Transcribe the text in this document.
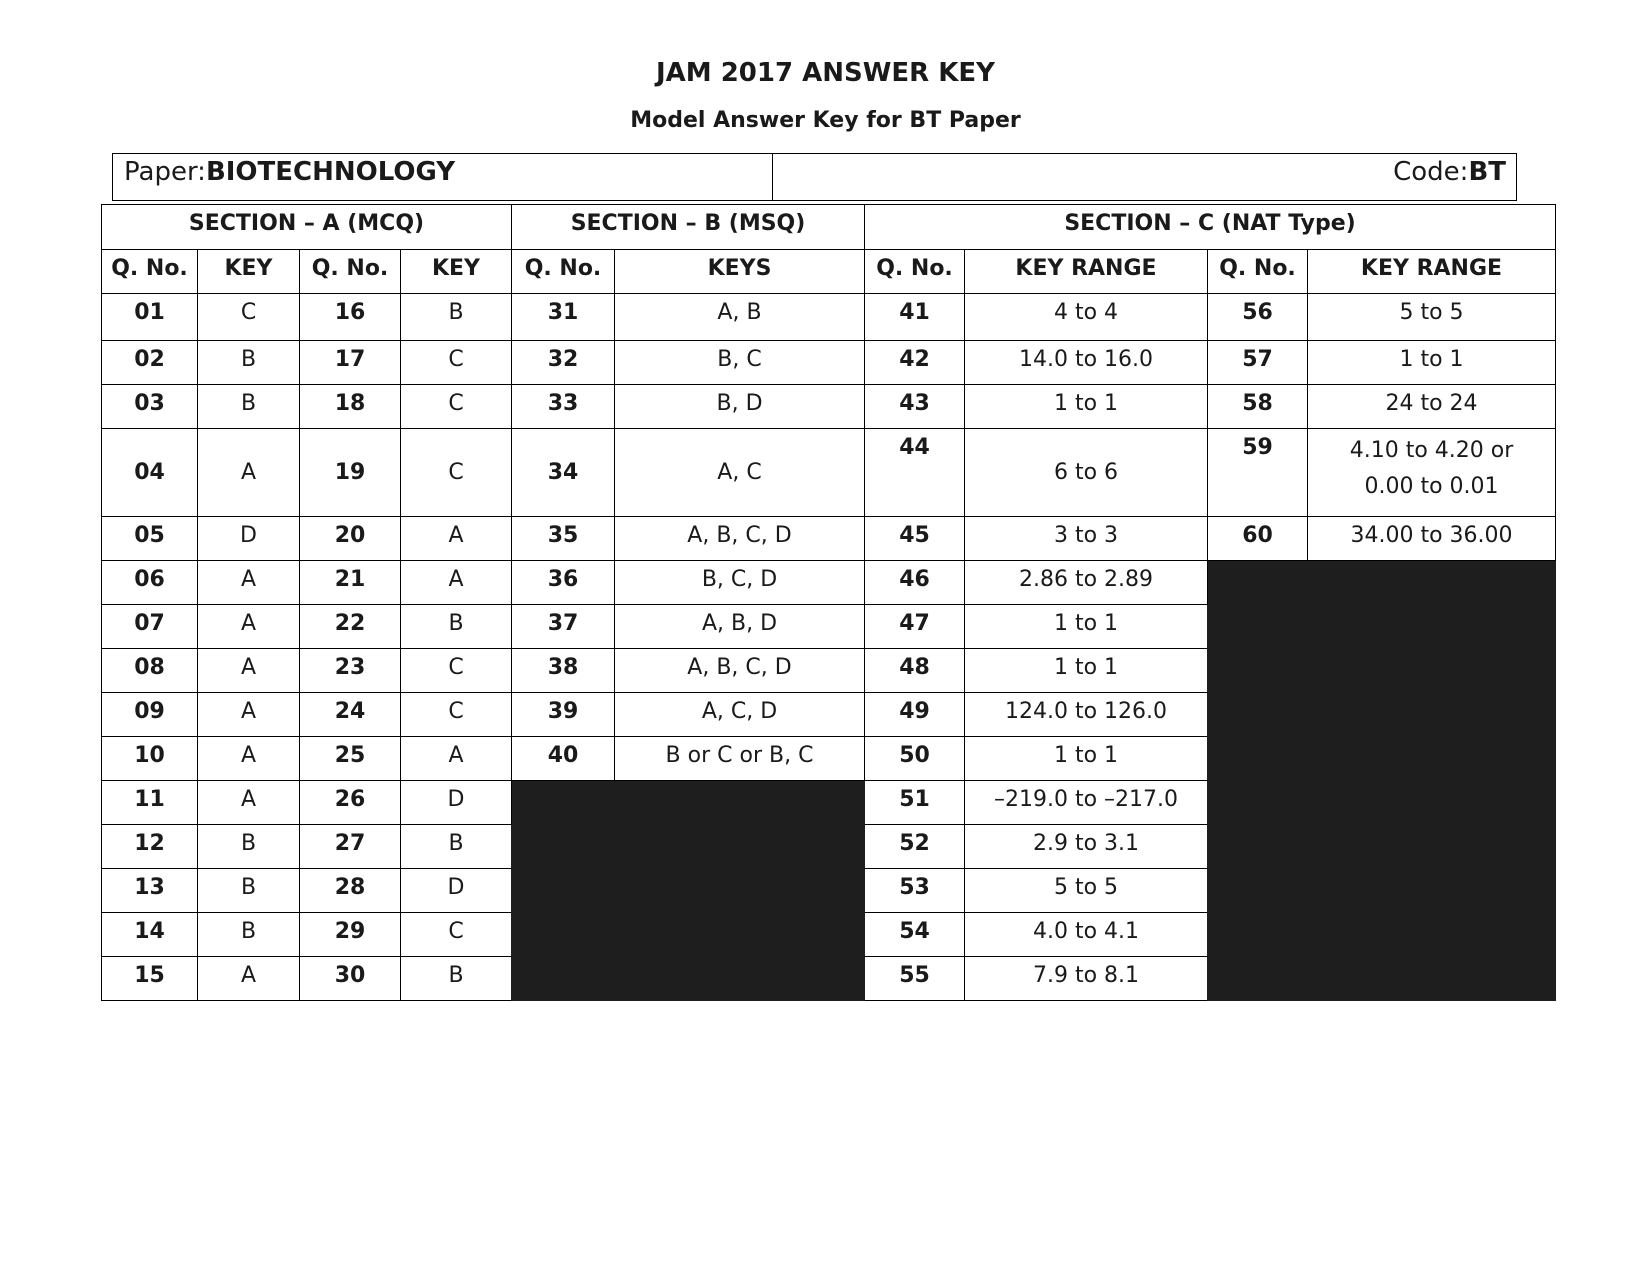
JAM 2017 ANSWER KEY
Model Answer Key for BT Paper
Paper:BIOTECHNOLOGY	Code:BT
SECTION – A (MCQ)				SECTION – B (MSQ)		SECTION – C (NAT Type)			
Q. No.	KEY	Q. No.	KEY	Q. No.	KEYS	Q. No.	KEY RANGE	Q. No.	KEY RANGE
01	C	16	B	31	A, B	41	4 to 4	56	5 to 5
02	B	17	C	32	B, C	42	14.0 to 16.0	57	1 to 1
03	B	18	C	33	B, D	43	1 to 1	58	24 to 24
04	A	19	C	34	A, C	44	6 to 6	59	4.10 to 4.20 or
0.00 to 0.01

05	D	20	A	35	A, B, C, D	45	3 to 3	60	34.00 to 36.00
06	A	21	A	36	B, C, D	46	2.86 to 2.89		
07	A	22	B	37	A, B, D	47	1 to 1		
08	A	23	C	38	A, B, C, D	48	1 to 1		
09	A	24	C	39	A, C, D	49	124.0 to 126.0		
10	A	25	A	40	B or C or B, C	50	1 to 1		
11	A	26	D			51	–219.0 to –217.0		
12	B	27	B			52	2.9 to 3.1		
13	B	28	D			53	5 to 5		
14	B	29	C			54	4.0 to 4.1		
15	A	30	B			55	7.9 to 8.1		
